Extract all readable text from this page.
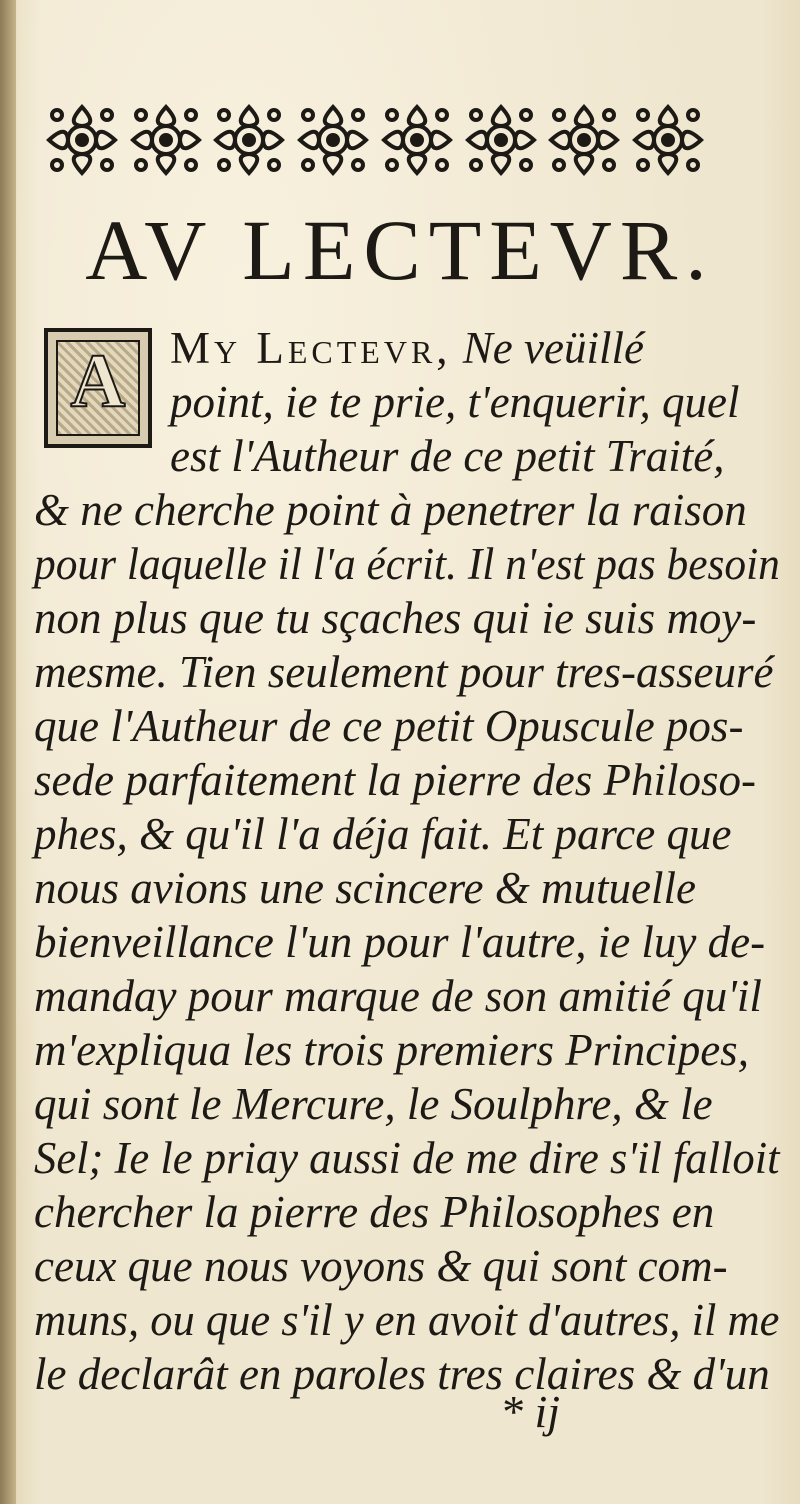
AV LECTEVR.
A My Lectevr, Ne veüillé
point, ie te prie, t'enquerir, quel
est l'Autheur de ce petit Traité,
& ne cherche point à penetrer la raison
pour laquelle il l'a écrit. Il n'est pas besoin
non plus que tu sçaches qui ie suis moy-
mesme. Tien seulement pour tres-asseuré
que l'Autheur de ce petit Opuscule pos-
sede parfaitement la pierre des Philoso-
phes, & qu'il l'a déja fait. Et parce que
nous avions une scincere & mutuelle
bienveillance l'un pour l'autre, ie luy de-
manday pour marque de son amitié qu'il
m'expliqua les trois premiers Principes,
qui sont le Mercure, le Soulphre, & le
Sel; Ie le priay aussi de me dire s'il falloit
chercher la pierre des Philosophes en
ceux que nous voyons & qui sont com-
muns, ou que s'il y en avoit d'autres, il me
le declarât en paroles tres claires & d'un
* ij
